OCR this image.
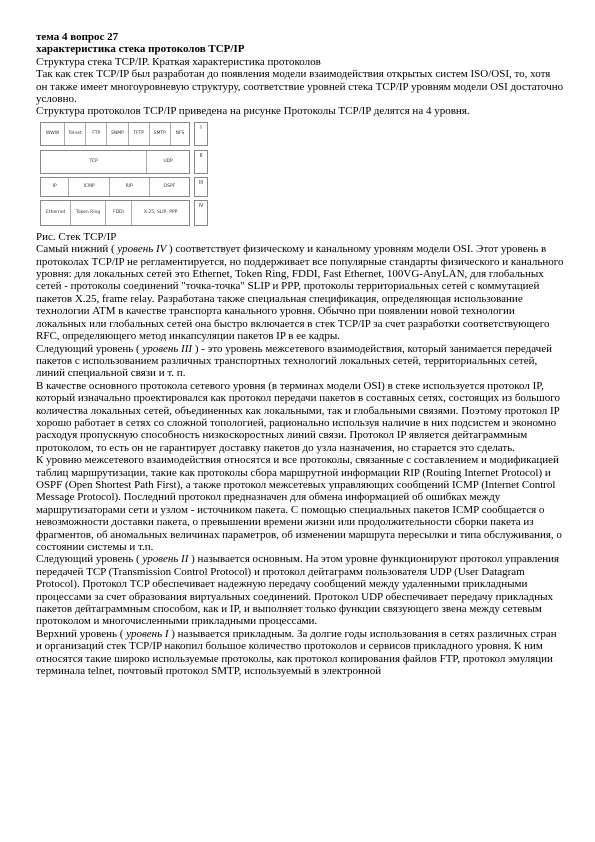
тема 4 вопрос 27
характеристика стека протоколов TCP/IP
Структура стека TCP/IP. Краткая характеристика протоколов

Так как стек TCP/IP был разработан до появления модели взаимодействия открытых систем ISO/OSI, то, хотя он также имеет многоуровневую структуру, соответствие уровней стека TCP/IP уровням модели OSI достаточно условно.

Структура протоколов TCP/IP приведена на рисунке Протоколы TCP/IP делятся на 4 уровня.

WWW	Telnet	FTP	SNMP	TFTP	SMTP	NFS
TCP	UDP
IP	ICMP	RIP	OSPF
Ethernet	Token Ring	FDDI	X.25, SLIP, PPP
I
II
III
IV
Рис. Стек TCP/IP

Самый нижний ( уровень IV ) соответствует физическому и канальному уровням модели OSI. Этот уровень в протоколах TCP/IP не регламентируется, но поддерживает все популярные стандарты физического и канального уровня: для локальных сетей это Ethernet, Token Ring, FDDI, Fast Ethernet, 100VG-AnyLAN, для глобальных сетей - протоколы соединений "точка-точка" SLIP и PPP, протоколы территориальных сетей с коммутацией пакетов X.25, frame relay. Разработана также специальная спецификация, определяющая использование технологии ATM в качестве транспорта канального уровня. Обычно при появлении новой технологии локальных или глобальных сетей она быстро включается в стек TCP/IP за счет разработки соответствующего RFC, определяющего метод инкапсуляции пакетов IP в ее кадры.

Следующий уровень ( уровень III ) - это уровень межсетевого взаимодействия, который занимается передачей пакетов с использованием различных транспортных технологий локальных сетей, территориальных сетей, линий специальной связи и т. п.

В качестве основного протокола сетевого уровня (в терминах модели OSI) в стеке используется протокол IP, который изначально проектировался как протокол передачи пакетов в составных сетях, состоящих из большого количества локальных сетей, объединенных как локальными, так и глобальными связями. Поэтому протокол IP хорошо работает в сетях со сложной топологией, рационально используя наличие в них подсистем и экономно расходуя пропускную способность низкоскоростных линий связи. Протокол IP является дейтаграммным протоколом, то есть он не гарантирует доставку пакетов до узла назначения, но старается это сделать.

К уровню межсетевого взаимодействия относятся и все протоколы, связанные с составлением и модификацией таблиц маршрутизации, такие как протоколы сбора маршрутной информации RIP (Routing Internet Protocol) и OSPF (Open Shortest Path First), а также протокол межсетевых управляющих сообщений ICMP (Internet Control Message Protocol). Последний протокол предназначен для обмена информацией об ошибках между маршрутизаторами сети и узлом - источником пакета. С помощью специальных пакетов ICMP сообщается о невозможности доставки пакета, о превышении времени жизни или продолжительности сборки пакета из фрагментов, об аномальных величинах параметров, об изменении маршрута пересылки и типа обслуживания, о состоянии системы и т.п.

Следующий уровень ( уровень II ) называется основным. На этом уровне функционируют протокол управления передачей TCP (Transmission Control Protocol) и протокол дейтаграмм пользователя UDP (User Datagram Protocol). Протокол TCP обеспечивает надежную передачу сообщений между удаленными прикладными процессами за счет образования виртуальных соединений. Протокол UDP обеспечивает передачу прикладных пакетов дейтаграммным способом, как и IP, и выполняет только функции связующего звена между сетевым протоколом и многочисленными прикладными процессами.

Верхний уровень ( уровень I ) называется прикладным. За долгие годы использования в сетях различных стран и организаций стек TCP/IP накопил большое количество протоколов и сервисов прикладного уровня. К ним относятся такие широко используемые протоколы, как протокол копирования файлов FTP, протокол эмуляции терминала telnet, почтовый протокол SMTP, используемый в электронной
